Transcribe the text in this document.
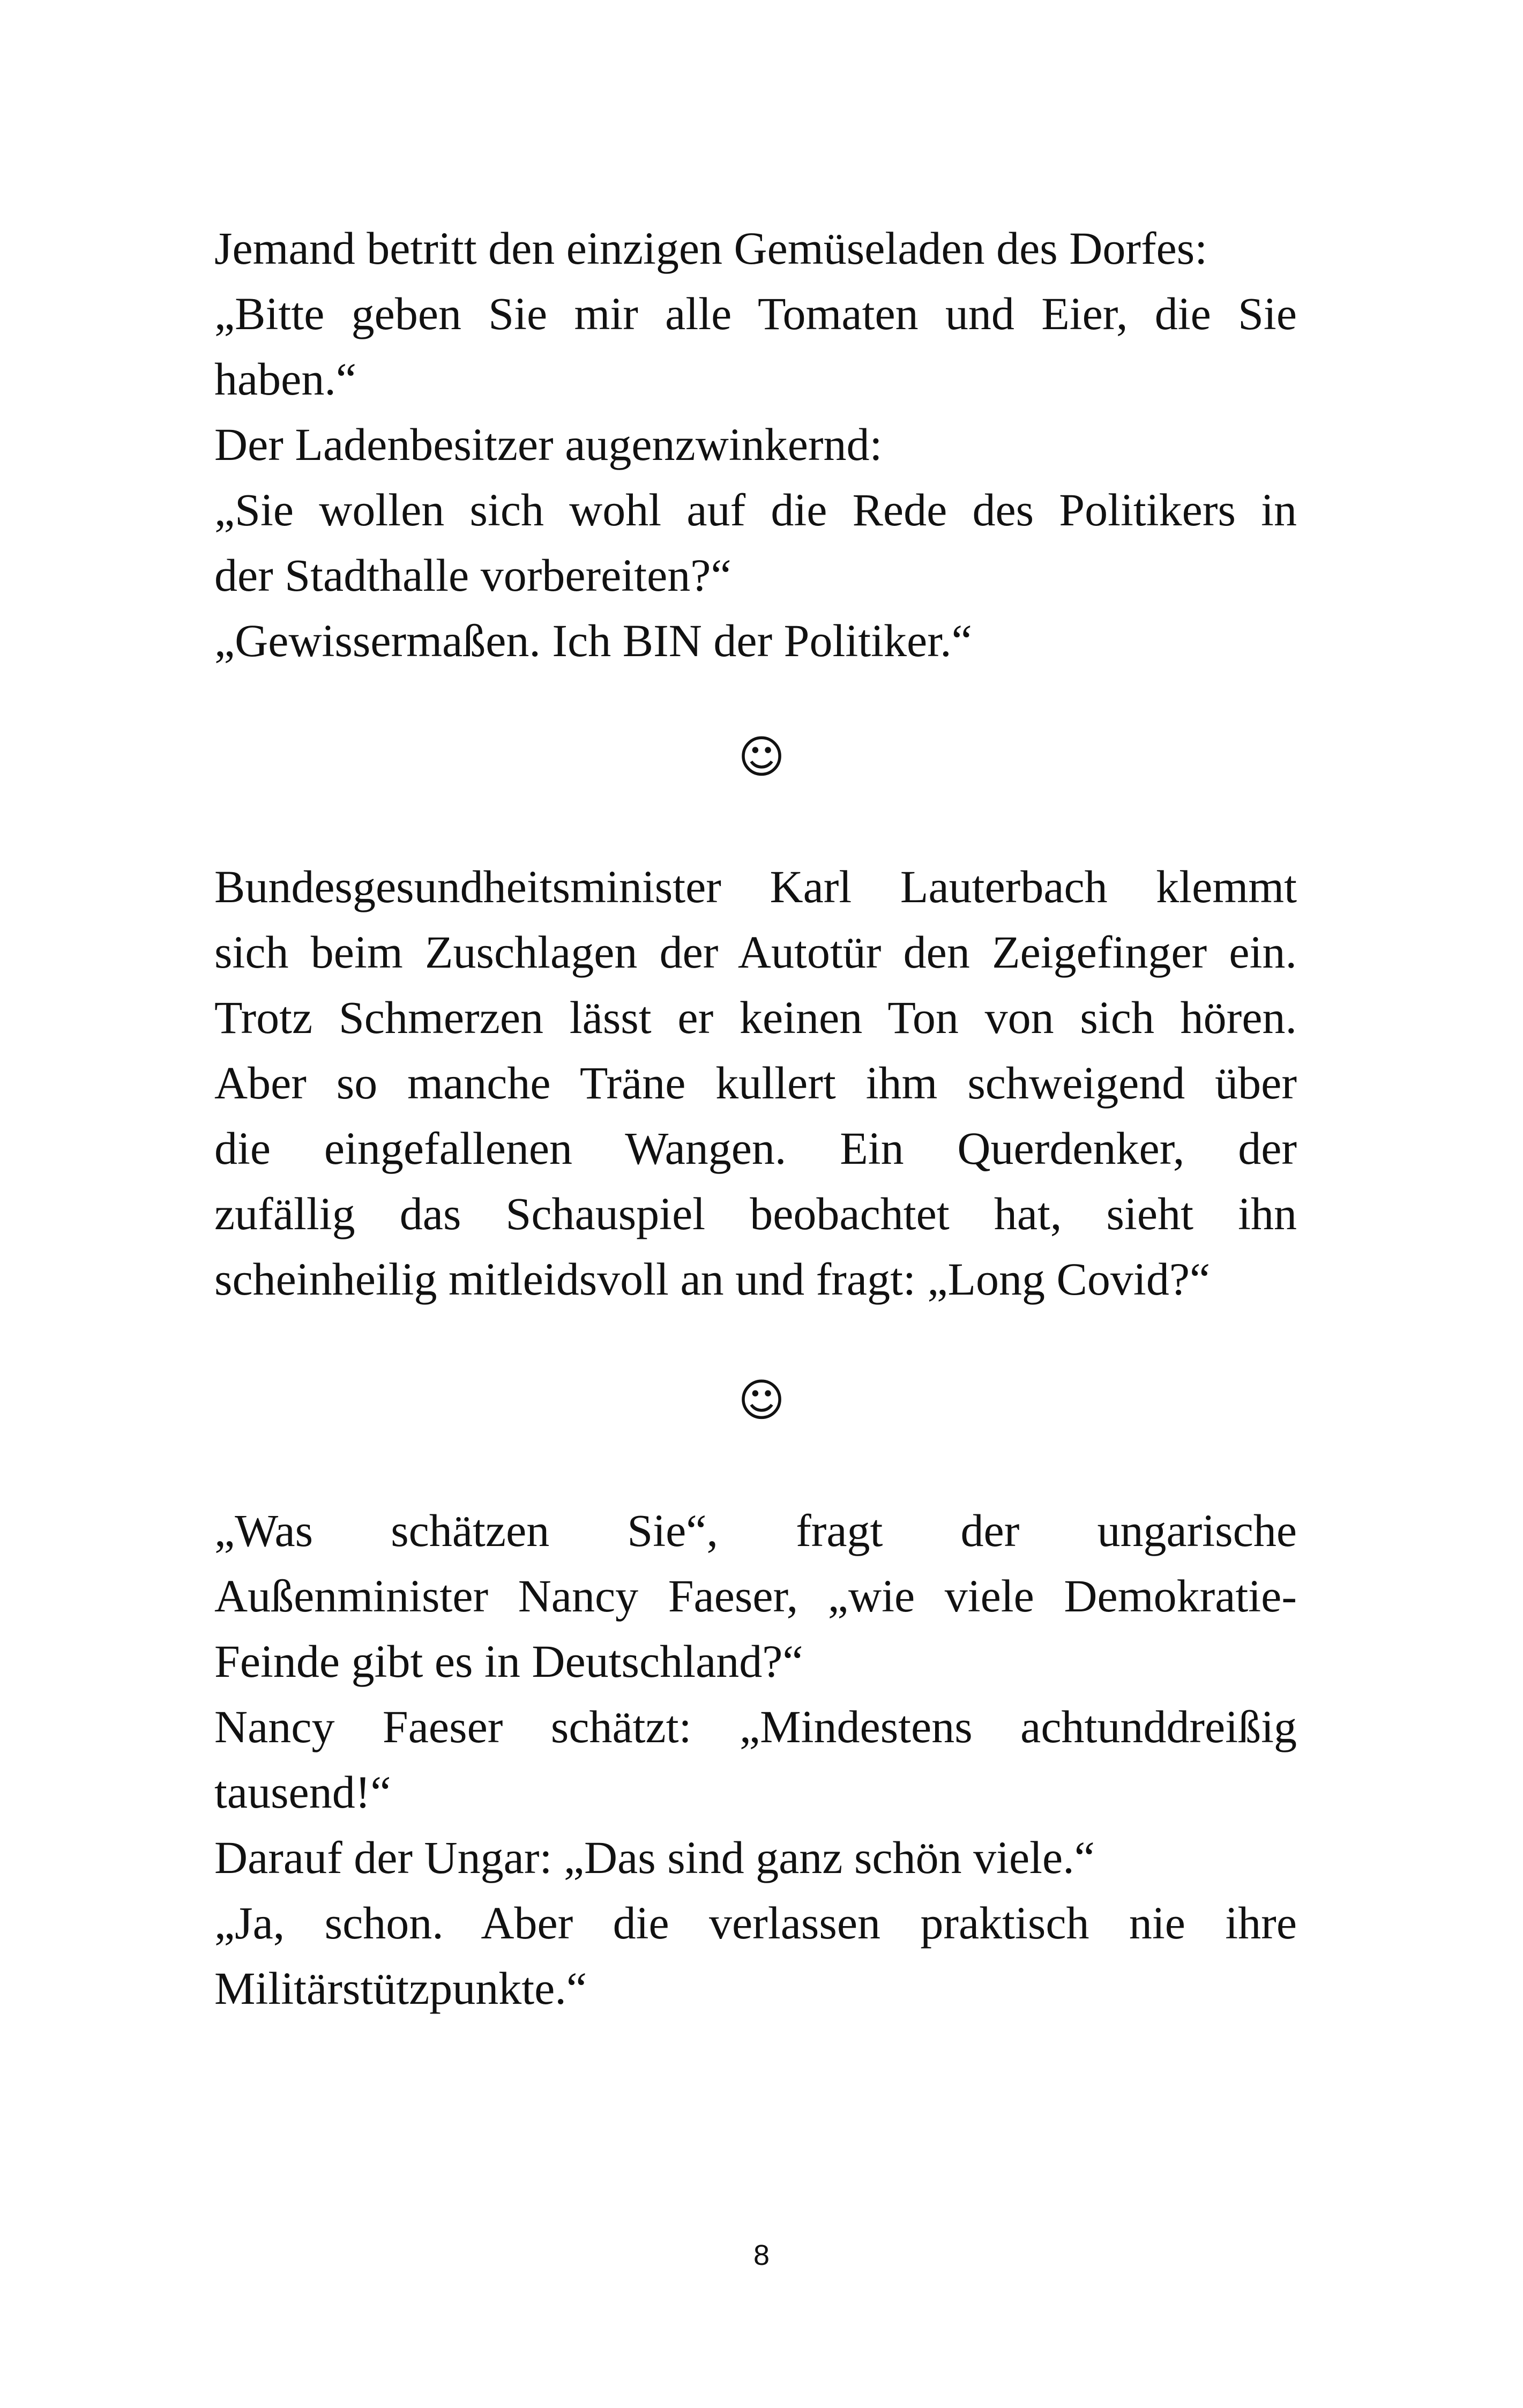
Jemand betritt den einzigen Gemüseladen des Dorfes:
„Bitte geben Sie mir alle Tomaten und Eier, die Sie
haben.“
Der Ladenbesitzer augenzwinkernd:
„Sie wollen sich wohl auf die Rede des Politikers in
der Stadthalle vorbereiten?“
„Gewissermaßen. Ich BIN der Politiker.“
☺
Bundesgesundheitsminister Karl Lauterbach klemmt
sich beim Zuschlagen der Autotür den Zeigefinger ein.
Trotz Schmerzen lässt er keinen Ton von sich hören.
Aber so manche Träne kullert ihm schweigend über
die eingefallenen Wangen. Ein Querdenker, der
zufällig das Schauspiel beobachtet hat, sieht ihn
scheinheilig mitleidsvoll an und fragt: „Long Covid?“
☺
„Was schätzen Sie“, fragt der ungarische
Außenminister Nancy Faeser, „wie viele Demokratie-
Feinde gibt es in Deutschland?“
Nancy Faeser schätzt: „Mindestens achtunddreißig
tausend!“
Darauf der Ungar: „Das sind ganz schön viele.“
„Ja, schon. Aber die verlassen praktisch nie ihre
Militärstützpunkte.“
8
